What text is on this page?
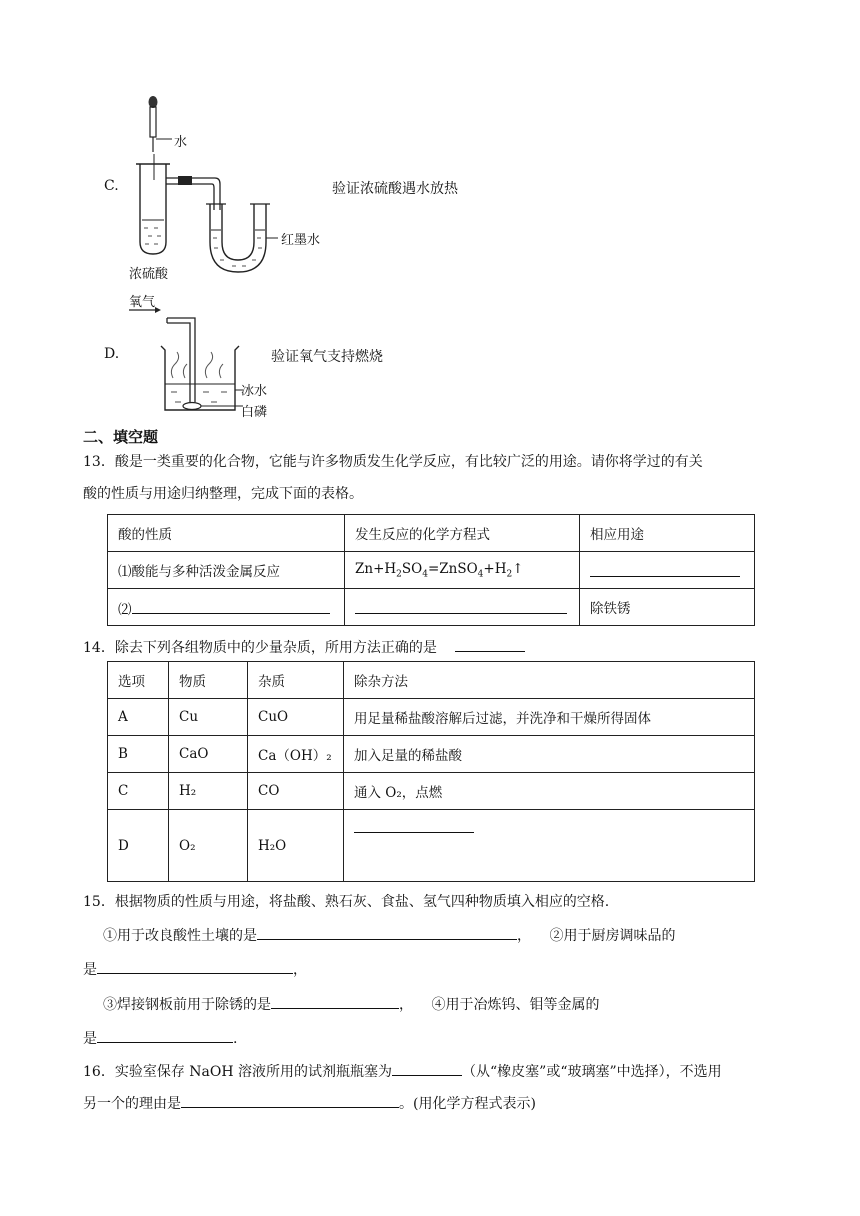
C.
水
红墨水
浓硫酸
验证浓硫酸遇水放热
氧气
D.	验证氧气支持燃烧
冰水
白磷
二、填空题
13．酸是一类重要的化合物，它能与许多物质发生化学反应，有比较广泛的用途。请你将学过的有关
酸的性质与用途归纳整理，完成下面的表格。
酸的性质	发生反应的化学方程式	相应用途
⑴酸能与多种活泼金属反应	$Zn+H_2SO_4=ZnSO_4+H_2↑$	
⑵		除铁锈
14．除去下列各组物质中的少量杂质，所用方法正确的是
选项	物质	杂质	除杂方法
A	Cu	CuO	用足量稀盐酸溶解后过滤，并洗净和干燥所得固体
B	CaO	Ca（OH）₂	加入足量的稀盐酸
C	H₂	CO	通入 O₂，点燃
D	O₂	H₂O	
15．根据物质的性质与用途，将盐酸、熟石灰、食盐、氢气四种物质填入相应的空格.
①用于改良酸性土壤的是	， ②用于厨房调味品的
是	，
③焊接钢板前用于除锈的是	， ④用于冶炼钨、钼等金属的
是	.
16．实验室保存 NaOH 溶液所用的试剂瓶瓶塞为	（从“橡皮塞”或“玻璃塞”中选择），不选用
另一个的理由是	。(用化学方程式表示)
